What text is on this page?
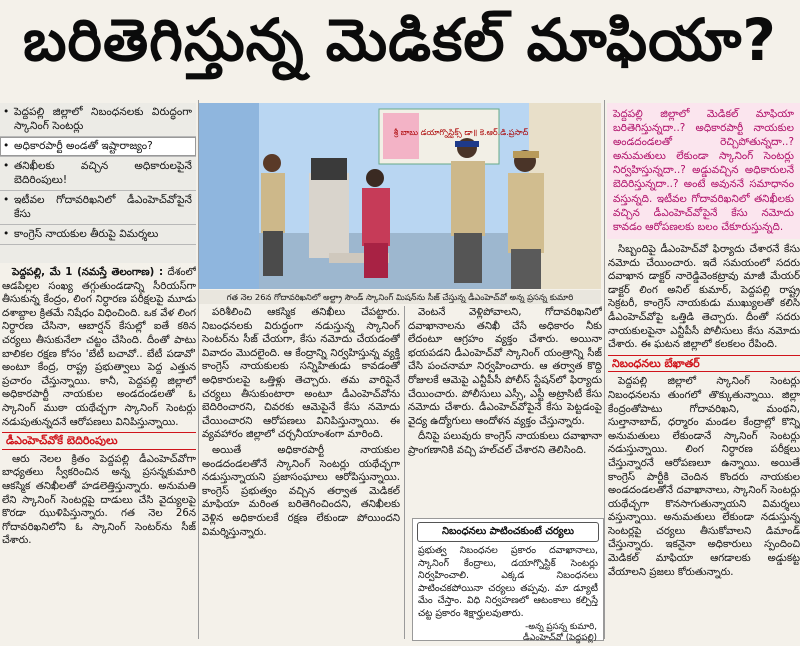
బరితెగిస్తున్న మెడికల్ మాఫియా?
• పెద్దపల్లి జిల్లాలో నిబంధనలకు విరుద్ధంగా స్కానింగ్ సెంటర్లు
• అధికారపార్టీ అండతో ఇష్టారాజ్యం?
• తనిఖీలకు వచ్చిన అధికారులపైనే బెదిరింపులు!
• ఇటీవల గోదావరిఖనిలో డీఎంహెచ్‌వోపైనే కేసు
• కాంగ్రెస్ నాయకుల తీరుపై విమర్శలు
శ్రీ బాబు డయాగ్నొస్టిక్స్ డా॥ కె.ఆర్.డి.ప్రసాద్
గత నెల 26న గోదావరిఖనిలో అల్ట్రా సౌండ్ స్కానింగ్ మిషన్‌ను సీజ్ చేస్తున్న డీఎంహెచ్‌వో అన్న ప్రసన్న కుమారి
పెద్దపల్లి జిల్లాలో మెడికల్ మాఫియా బరితెగిస్తున్నదా..? అధికారపార్టీ నాయకుల అండదండలతో రెచ్చిపోతున్నదా..? అనుమతులు లేకుండా స్కానింగ్ సెంటర్లు నిర్వహిస్తున్నదా..? అడ్డువచ్చిన అధికారులనే బెదిరిస్తున్నదా..? అంటే అవుననే సమాధానం వస్తున్నది. ఇటీవల గోదావరిఖనిలో తనిఖీలకు వచ్చిన డీఎంహెచ్‌వోపైనే కేసు నమోదు కావడం ఆరోపణలకు బలం చేకూరుస్తున్నది.

పెద్దపల్లి, మే 1 (నమస్తే తెలంగాణ) : దేశంలో ఆడపిల్లల సంఖ్య తగ్గుతుండడాన్ని సీరియస్‌గా తీసుకున్న కేంద్రం, లింగ నిర్ధారణ పరీక్షలపై మూడు దశాబ్దాల క్రితమే నిషేధం విధించింది. ఒక వేళ లింగ నిర్ధారణ చేసినా, ఆబార్షన్ కేసుల్లో ఐతే కఠిన చర్యలు తీసుకునేలా చట్టం చేసింది. దీంతో పాటు బాలికల రక్షణ కోసం 'బేటీ బచావో.. బేటీ పడావో' అంటూ కేంద్ర, రాష్ట్ర ప్రభుత్వాలు పెద్ద ఎత్తున ప్రచారం చేస్తున్నాయి. కానీ, పెద్దపల్లి జిల్లాలో అధికారపార్టీ నాయకుల అండదండలతో ఓ స్కానింగ్ ముఠా యథేచ్ఛగా స్కానింగ్ సెంటర్లు నడుపుతున్నదనే ఆరోపణలు వినిపిస్తున్నాయి.

డీఎంహెచ్‌వోకే బెదిరింపులు

ఆరు నెలల క్రితం పెద్దపల్లి డీఎంహెచ్‌వోగా బాధ్యతలు స్వీకరించిన అన్న ప్రసన్నకుమారి ఆకస్మిక తనిఖీలతో హడలెత్తిస్తున్నారు. అనుమతి లేని స్కానింగ్ సెంటర్లపై దాడులు చేసి వైద్యులపై కొరడా ఝుళిపిస్తున్నారు. గత నెల 26న గోదావరిఖనిలోని ఓ స్కానింగ్ సెంటర్‌ను సీజ్ చేశారు.

పరిశీలించి ఆకస్మిక తనిఖీలు చేపట్టారు. నిబంధనలకు విరుద్ధంగా నడుస్తున్న స్కానింగ్ సెంటర్‌ను సీజ్ చేయగా, కేసు నమోదు చేయడంతో వివాదం మొదలైంది. ఆ కేంద్రాన్ని నిర్వహిస్తున్న వ్యక్తి కాంగ్రెస్ నాయకులకు సన్నిహితుడు కావడంతో అధికారులపై ఒత్తిళ్లు తెచ్చారు. తమ వారిపైనే చర్యలు తీసుకుంటారా అంటూ డీఎంహెచ్‌వోను బెదిరించారని, చివరకు ఆమెపైనే కేసు నమోదు చేయించారని ఆరోపణలు వినిపిస్తున్నాయి. ఈ వ్యవహారం జిల్లాలో చర్చనీయాంశంగా మారింది.

అయితే అధికారపార్టీ నాయకుల అండదండలతోనే స్కానింగ్ సెంటర్లు యథేచ్ఛగా నడుస్తున్నాయని ప్రజాసంఘాలు ఆరోపిస్తున్నాయి. కాంగ్రెస్ ప్రభుత్వం వచ్చిన తర్వాత మెడికల్ మాఫియా మరింత బరితెగించిందని, తనిఖీలకు వెళ్లిన అధికారులకే రక్షణ లేకుండా పోయిందని విమర్శిస్తున్నారు.

వెంటనే వెళ్లిపోవాలని, గోదావరిఖనిలో దవాఖానాలను తనిఖీ చేసే అధికారం నీకు లేదంటూ ఆగ్రహం వ్యక్తం చేశారు. అయినా భయపడని డీఎంహెచ్‌వో స్కానింగ్ యంత్రాన్ని సీజ్ చేసి పంచనామా నిర్వహించారు. ఆ తర్వాత కొద్ది రోజులకే ఆమెపై ఎన్టీపీసీ పోలీస్ స్టేషన్‌లో ఫిర్యాదు చేయించారు. పోలీసులు ఎస్సీ, ఎస్టీ అట్రాసిటీ కేసు నమోదు చేశారు. డీఎంహెచ్‌వోపైనే కేసు పెట్టడంపై వైద్య ఉద్యోగులు ఆందోళన వ్యక్తం చేస్తున్నారు.

దీనిపై పలువురు కాంగ్రెస్ నాయకులు దవాఖానా ప్రాంగణానికి వచ్చి హల్‌చల్ చేశారని తెలిసింది.

నిబంధనలు పాటించకుంటే చర్యలు
ప్రభుత్వ నిబంధనల ప్రకారం దవాఖానాలు, స్కానింగ్ కేంద్రాలు, డయాగ్నొస్టిక్ సెంటర్లు నిర్వహించాలి. ఎక్కడ నిబంధనలు పాటించకపోయినా చర్యలు తప్పవు. మా డ్యూటీ మేం చేస్తాం. విధి నిర్వహణలో ఆటంకాలు కల్పిస్తే చట్ట ప్రకారం శిక్షార్హులవుతారు.
-అన్న ప్రసన్న కుమారి,
డీఎంహెచ్‌వో (పెద్దపల్లి)

సిబ్బందిపై డీఎంహెచ్‌వో ఫిర్యాదు చేశారనే కేసు నమోదు చేయించారు. ఇదే సమయంలో సదరు దవాఖాన డాక్టర్ నారెడ్డివెంకట్రావు మాజీ మేయర్ డాక్టర్ లింగ అనిల్ కుమార్, పెద్దపల్లి రాష్ట్ర సెక్రటరీ, కాంగ్రెస్ నాయకుడు ముఖ్యులతో కలిసి డీఎంహెచ్‌వోపై ఒత్తిడి తెచ్చారు. దీంతో సదరు నాయకులపైనా ఎన్టీపీసీ పోలీసులు కేసు నమోదు చేశారు. ఈ ఘటన జిల్లాలో కలకలం రేపింది.

నిబంధనలు బేఖాతర్

పెద్దపల్లి జిల్లాలో స్కానింగ్ సెంటర్లు నిబంధనలను తుంగలో తొక్కుతున్నాయి. జిల్లా కేంద్రంతోపాటు గోదావరిఖని, మంథని, సుల్తానాబాద్, ధర్మారం మండల కేంద్రాల్లో కొన్ని అనుమతులు లేకుండానే స్కానింగ్ సెంటర్లు నడుస్తున్నాయి. లింగ నిర్ధారణ పరీక్షలు చేస్తున్నారనే ఆరోపణలూ ఉన్నాయి. అయితే కాంగ్రెస్ పార్టీకి చెందిన కొందరు నాయకుల అండదండలతోనే దవాఖానాలు, స్కానింగ్ సెంటర్లు యథేచ్ఛగా కొనసాగుతున్నాయని విమర్శలు వస్తున్నాయి. అనుమతులు లేకుండా నడుస్తున్న సెంటర్లపై చర్యలు తీసుకోవాలని డిమాండ్ చేస్తున్నారు. ఇకనైనా అధికారులు స్పందించి మెడికల్ మాఫియా ఆగడాలకు అడ్డుకట్ట వేయాలని ప్రజలు కోరుతున్నారు.
